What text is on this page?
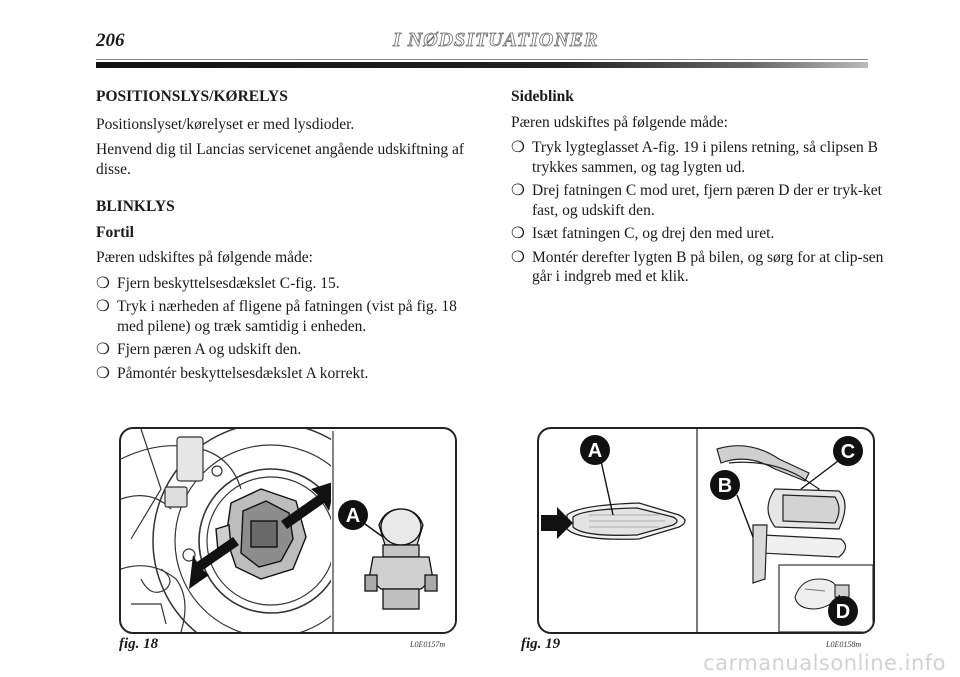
206	I NØDSITUATIONER
POSITIONSLYS/KØRELYS

Positionslyset/kørelyset er med lysdioder.

Henvend dig til Lancias servicenet angående udskiftning af disse.

BLINKLYS
Fortil

Pæren udskiftes på følgende måde:

❍ Fjern beskyttelsesdækslet C-fig. 15.
❍ Tryk i nærheden af fligene på fatningen (vist på fig. 18 med pilene) og træk samtidig i enheden.
❍ Fjern pæren A og udskift den.
❍ Påmontér beskyttelsesdækslet A korrekt.
Sideblink

Pæren udskiftes på følgende måde:

❍ Tryk lygteglasset A-fig. 19 i pilens retning, så clipsen B trykkes sammen, og tag lygten ud.
❍ Drej fatningen C mod uret, fjern pæren D der er tryk-ket fast, og udskift den.
❍ Isæt fatningen C, og drej den med uret.
❍ Montér derefter lygten B på bilen, og sørg for at clip-sen går i indgreb med et klik.
A
fig. 18	L0E0157m
A
B
C
D
fig. 19	L0E0158m
carmanualsonline.info
